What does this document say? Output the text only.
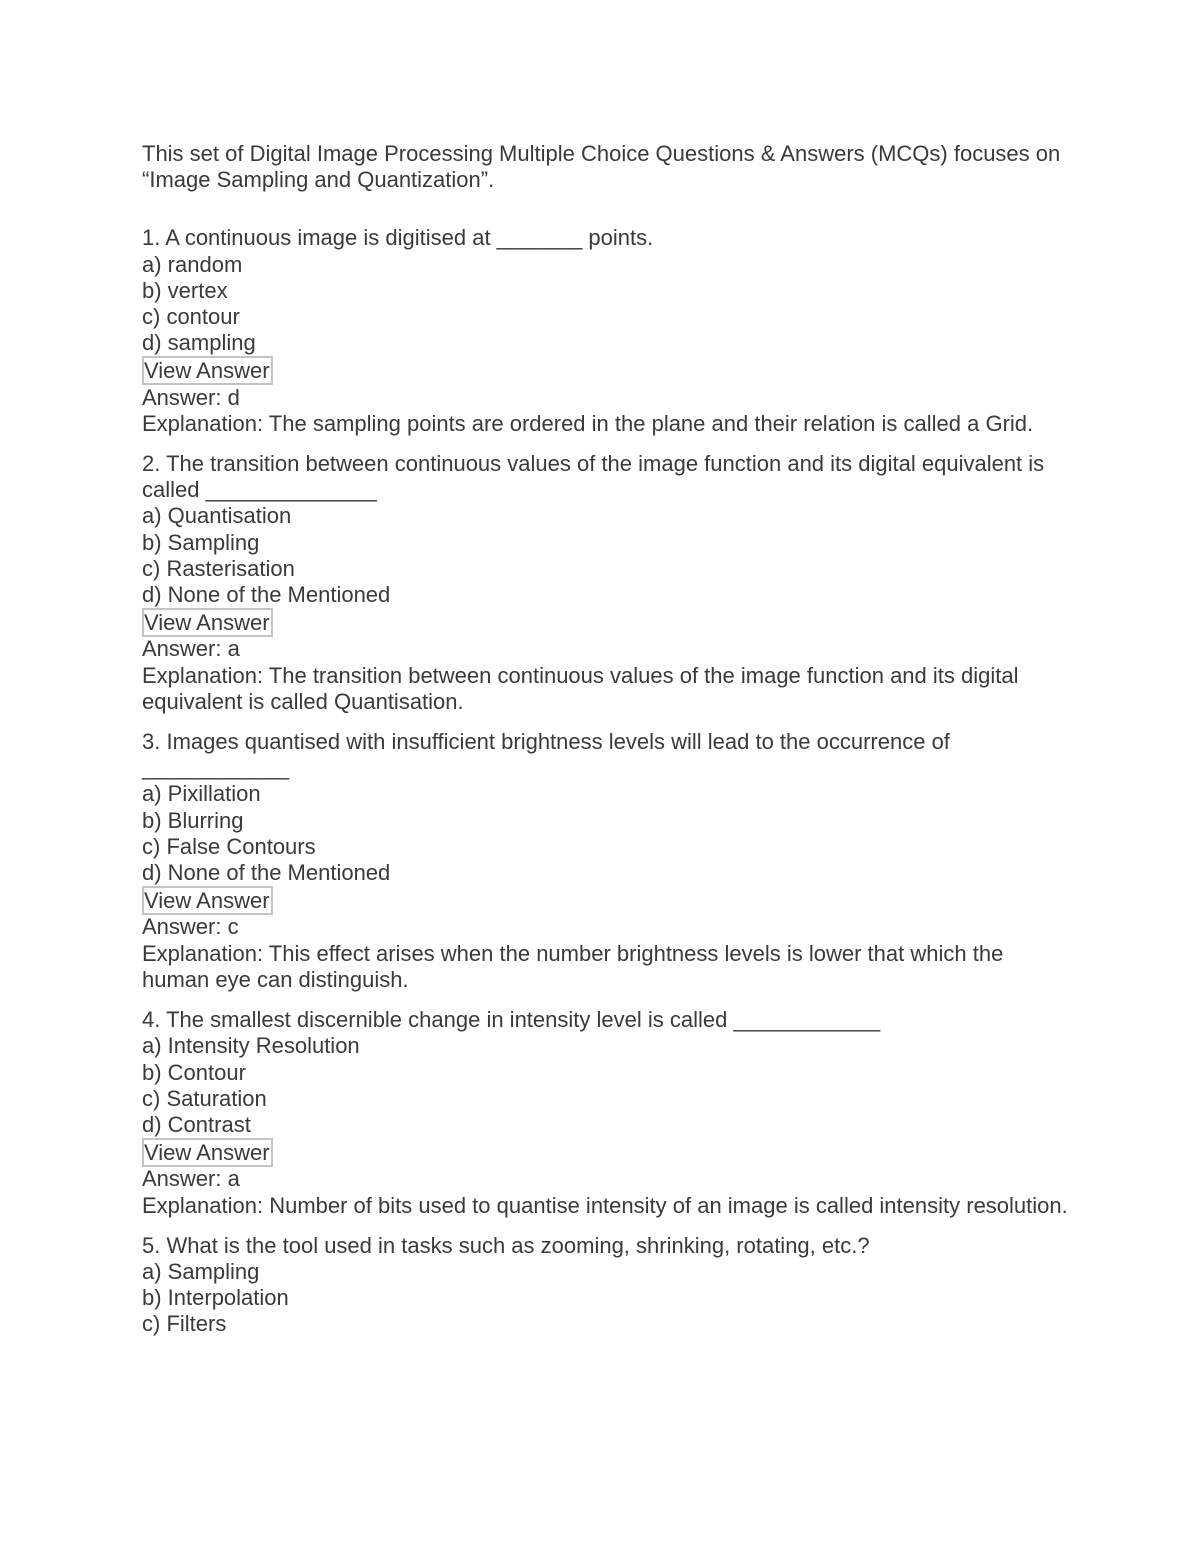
This set of Digital Image Processing Multiple Choice Questions & Answers (MCQs) focuses on “Image Sampling and Quantization”.

1. A continuous image is digitised at _______ points.
a) random
b) vertex
c) contour
d) sampling
View Answer
Answer: d
Explanation: The sampling points are ordered in the plane and their relation is called a Grid.
2. The transition between continuous values of the image function and its digital equivalent is called ______________
a) Quantisation
b) Sampling
c) Rasterisation
d) None of the Mentioned
View Answer
Answer: a
Explanation: The transition between continuous values of the image function and its digital equivalent is called Quantisation.
3. Images quantised with insufficient brightness levels will lead to the occurrence of ____________
a) Pixillation
b) Blurring
c) False Contours
d) None of the Mentioned
View Answer
Answer: c
Explanation: This effect arises when the number brightness levels is lower that which the human eye can distinguish.
4. The smallest discernible change in intensity level is called ____________
a) Intensity Resolution
b) Contour
c) Saturation
d) Contrast
View Answer
Answer: a
Explanation: Number of bits used to quantise intensity of an image is called intensity resolution.
5. What is the tool used in tasks such as zooming, shrinking, rotating, etc.?
a) Sampling
b) Interpolation
c) Filters
